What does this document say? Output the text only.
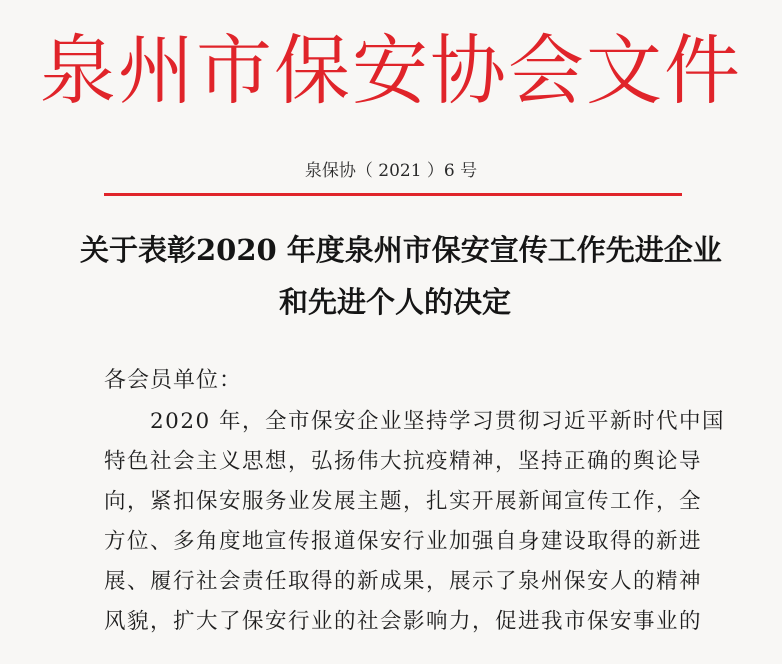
泉州市保安协会文件
泉保协（ 2021 ）6 号
关于表彰2020 年度泉州市保安宣传工作先进企业
和先进个人的决定
各会员单位：
2020 年，全市保安企业坚持学习贯彻习近平新时代中国
特色社会主义思想，弘扬伟大抗疫精神，坚持正确的舆论导
向，紧扣保安服务业发展主题，扎实开展新闻宣传工作，全
方位、多角度地宣传报道保安行业加强自身建设取得的新进
展、履行社会责任取得的新成果，展示了泉州保安人的精神
风貌，扩大了保安行业的社会影响力，促进我市保安事业的
